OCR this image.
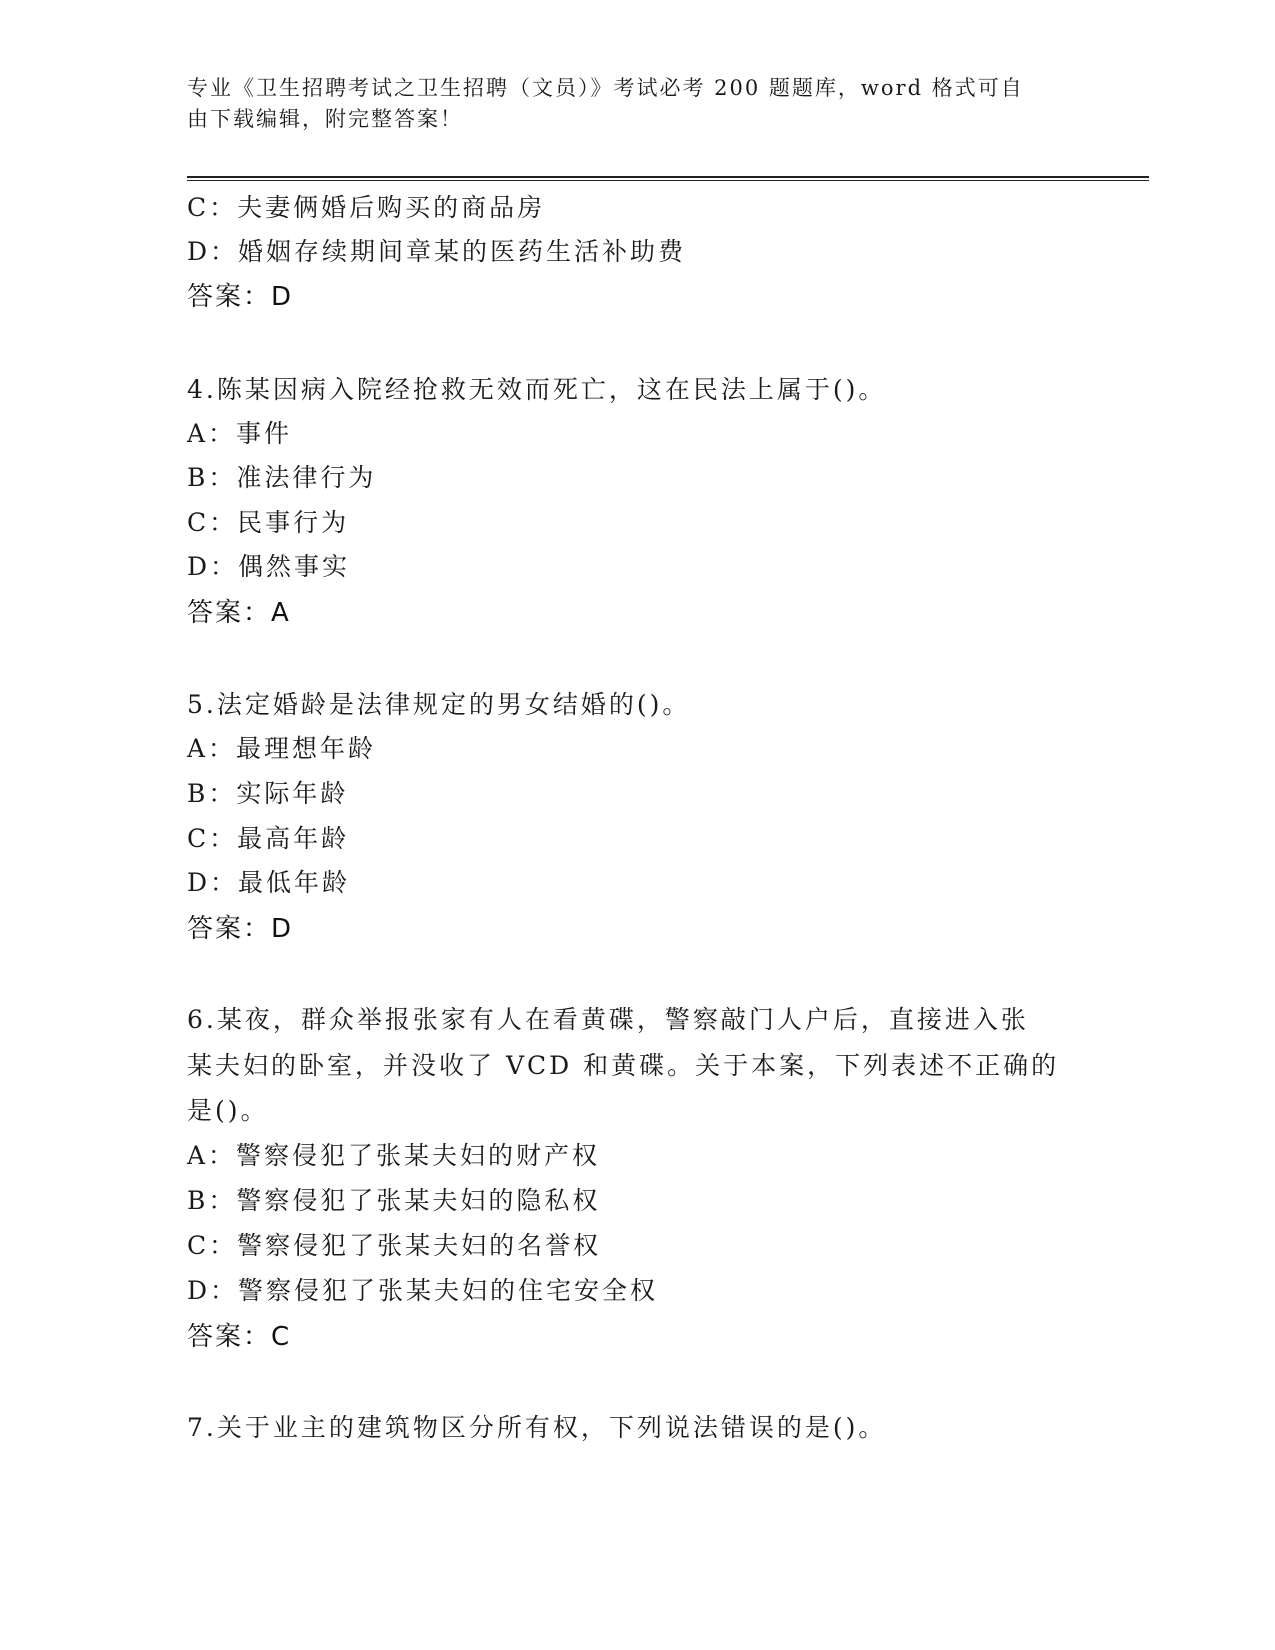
专业《卫生招聘考试之卫生招聘（文员）》考试必考 200 题题库，word 格式可自
由下载编辑，附完整答案！
C：夫妻俩婚后购买的商品房
D：婚姻存续期间章某的医药生活补助费
答案：D
4.陈某因病入院经抢救无效而死亡，这在民法上属于()。
A：事件
B：准法律行为
C：民事行为
D：偶然事实
答案：A
5.法定婚龄是法律规定的男女结婚的()。
A：最理想年龄
B：实际年龄
C：最高年龄
D：最低年龄
答案：D
6.某夜，群众举报张家有人在看黄碟，警察敲门人户后，直接进入张
某夫妇的卧室，并没收了 VCD 和黄碟。关于本案，下列表述不正确的
是()。
A：警察侵犯了张某夫妇的财产权
B：警察侵犯了张某夫妇的隐私权
C：警察侵犯了张某夫妇的名誉权
D：警察侵犯了张某夫妇的住宅安全权
答案：C
7.关于业主的建筑物区分所有权，下列说法错误的是()。
